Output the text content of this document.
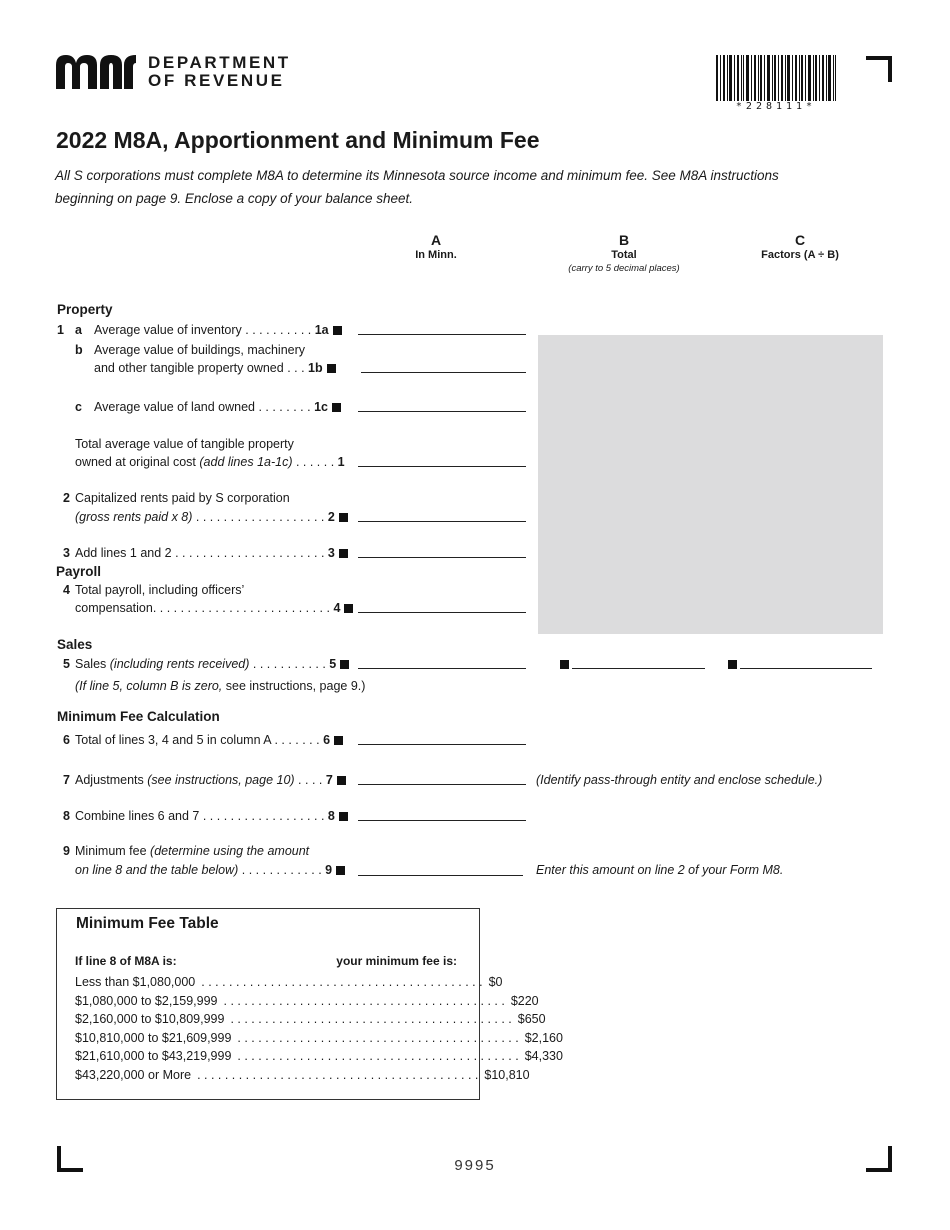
DEPARTMENT
OF REVENUE
*228111*
2022 M8A, Apportionment and Minimum Fee
All S corporations must complete M8A to determine its Minnesota source income and minimum fee. See M8A instructions
beginning on page 9. Enclose a copy of your balance sheet.
A
In Minn.
B
Total
(carry to 5 decimal places)
C
Factors (A ÷ B)
Property
1 a Average value of inventory . . . . . . . . . . 1a
b Average value of buildings, machinery
and other tangible property owned . . . 1b
c Average value of land owned . . . . . . . . 1c
Total average value of tangible property
owned at original cost (add lines 1a-1c) . . . . . . 1
2 Capitalized rents paid by S corporation
(gross rents paid x 8) . . . . . . . . . . . . . . . . . . . 2
3 Add lines 1 and 2 . . . . . . . . . . . . . . . . . . . . . . 3
Payroll
4 Total payroll, including officers’
compensation. . . . . . . . . . . . . . . . . . . . . . . . . . 4
Sales
5 Sales (including rents received) . . . . . . . . . . . 5
(If line 5, column B is zero, see instructions, page 9.)
Minimum Fee Calculation
6 Total of lines 3, 4 and 5 in column A . . . . . . . 6
7 Adjustments (see instructions, page 10) . . . . 7	(Identify pass-through entity and enclose schedule.)
8 Combine lines 6 and 7 . . . . . . . . . . . . . . . . . . 8
9 Minimum fee (determine using the amount
on line 8 and the table below) . . . . . . . . . . . . 9	Enter this amount on line 2 of your Form M8.
Minimum Fee Table
If line 8 of M8A is:	your minimum fee is:
Less than $1,080,000 . . . . . . . . . . . . . . . . . . . . . . . . . . . . . . . . . . . . . . . . . $0
$1,080,000 to $2,159,999 . . . . . . . . . . . . . . . . . . . . . . . . . . . . . . . . . . . . . . . . . $220
$2,160,000 to $10,809,999 . . . . . . . . . . . . . . . . . . . . . . . . . . . . . . . . . . . . . . . . . $650
$10,810,000 to $21,609,999 . . . . . . . . . . . . . . . . . . . . . . . . . . . . . . . . . . . . . . . . . $2,160
$21,610,000 to $43,219,999 . . . . . . . . . . . . . . . . . . . . . . . . . . . . . . . . . . . . . . . . . $4,330
$43,220,000 or More . . . . . . . . . . . . . . . . . . . . . . . . . . . . . . . . . . . . . . . . . $10,810
9995
